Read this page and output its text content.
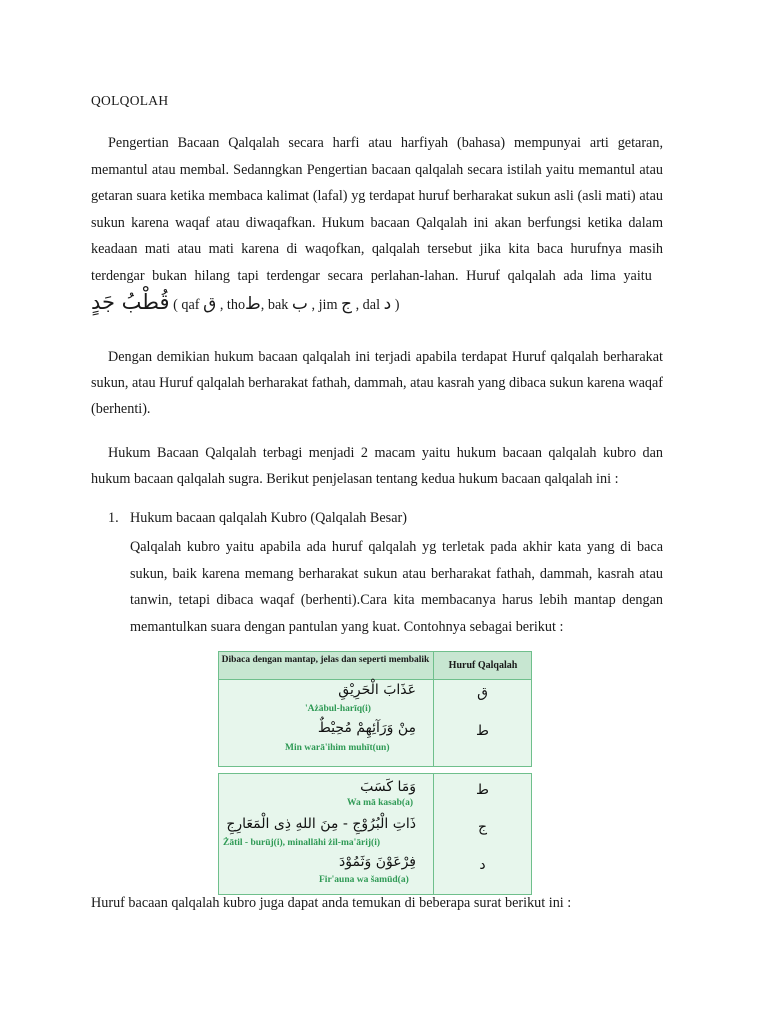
QOLQOLAH

Pengertian Bacaan Qalqalah secara harfi atau harfiyah (bahasa) mempunyai arti getaran, memantul atau membal. Sedanngkan Pengertian bacaan qalqalah secara istilah yaitu memantul atau getaran suara ketika membaca kalimat (lafal) yg terdapat huruf berharakat sukun asli (asli mati) atau sukun karena waqaf atau diwaqafkan. Hukum bacaan Qalqalah ini akan berfungsi ketika dalam keadaan mati atau mati karena di waqofkan, qalqalah tersebut jika kita baca hurufnya masih terdengar bukan hilang tapi terdengar secara perlahan-lahan. Huruf qalqalah ada lima yaitu   قُطْبُ جَدٍ ( qaf ق , thoط, bak ب , jim ج , dal د )

Dengan demikian hukum bacaan qalqalah ini terjadi apabila terdapat Huruf qalqalah berharakat sukun, atau Huruf qalqalah berharakat fathah, dammah, atau kasrah yang dibaca sukun karena waqaf (berhenti).

Hukum Bacaan Qalqalah terbagi menjadi 2 macam yaitu hukum bacaan qalqalah kubro dan hukum bacaan qalqalah sugra. Berikut penjelasan tentang kedua hukum bacaan qalqalah ini :

1. Hukum bacaan qalqalah Kubro (Qalqalah Besar)

Qalqalah kubro yaitu apabila ada huruf qalqalah yg terletak pada akhir kata yang di baca sukun, baik karena memang berharakat sukun atau berharakat fathah, dammah, kasrah atau tanwin, tetapi dibaca waqaf (berhenti).Cara kita membacanya harus lebih mantap dengan memantulkan suara dengan pantulan yang kuat. Contohnya sebagai berikut :

Dibaca dengan mantap, jelas dan seperti membalik	Huruf Qalqalah
عَذَابَ الْحَرِيْقِ
'Ażābul-harīq(i)
ق
مِنْ وَرَآئِهِمْ مُحِيْطٌ
Min warā'ihim muhīt(un)
ط
وَمَا كَسَبَ
Wa mā kasab(a)
ط
ذَاتِ الْبُرُوْجِ - مِنَ اللهِ ذِى الْمَعَارِجِ
Żātil - burūj(i), minallāhi żil-ma'ārij(i)
ج
فِرْعَوْنَ وَثَمُوْدَ
Fir'auna wa šamūd(a)
د
Huruf bacaan qalqalah kubro juga dapat anda temukan di beberapa surat berikut ini :
